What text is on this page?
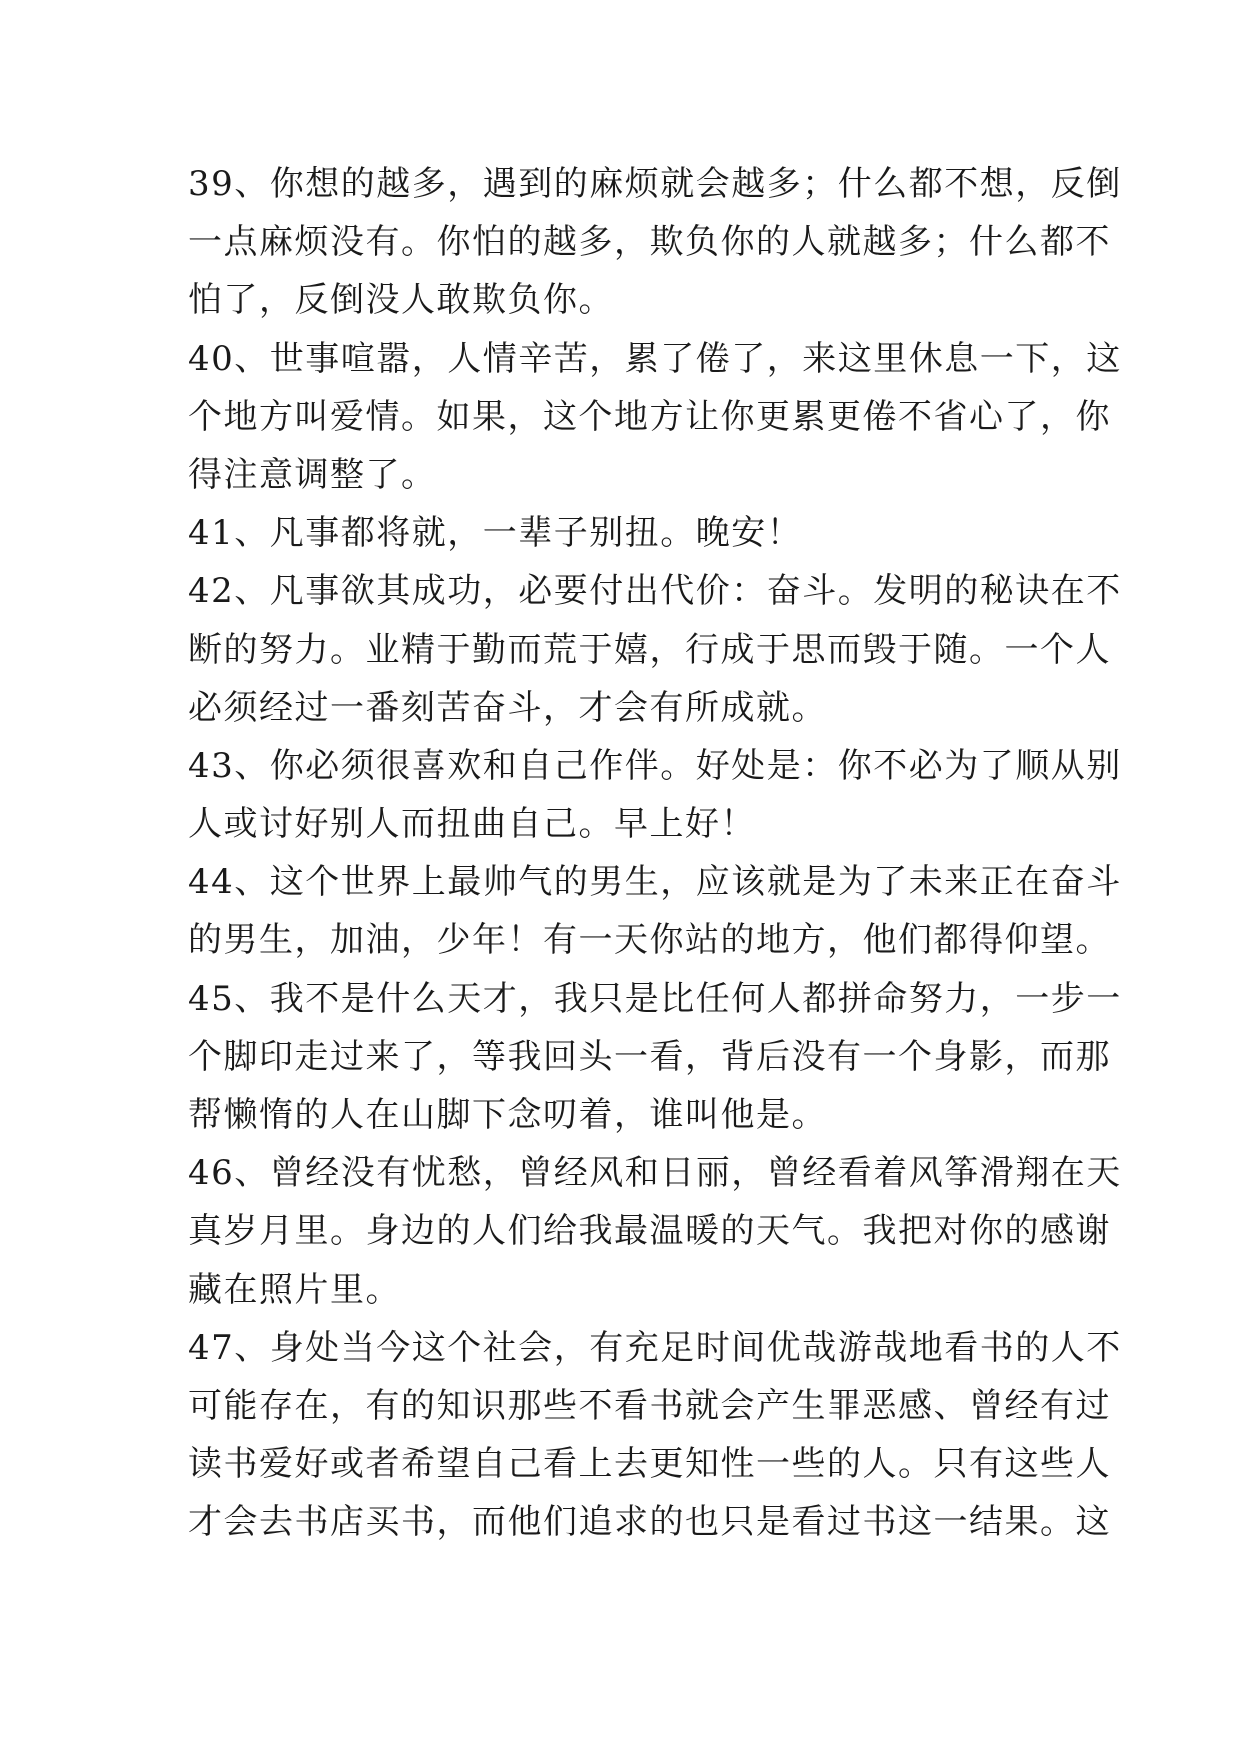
39、你想的越多，遇到的麻烦就会越多；什么都不想，反倒
一点麻烦没有。你怕的越多，欺负你的人就越多；什么都不
怕了，反倒没人敢欺负你。
40、世事喧嚣，人情辛苦，累了倦了，来这里休息一下，这
个地方叫爱情。如果，这个地方让你更累更倦不省心了，你
得注意调整了。
41、凡事都将就，一辈子别扭。晚安！
42、凡事欲其成功，必要付出代价：奋斗。发明的秘诀在不
断的努力。业精于勤而荒于嬉，行成于思而毁于随。一个人
必须经过一番刻苦奋斗，才会有所成就。
43、你必须很喜欢和自己作伴。好处是：你不必为了顺从别
人或讨好别人而扭曲自己。早上好！
44、这个世界上最帅气的男生，应该就是为了未来正在奋斗
的男生，加油，少年！有一天你站的地方，他们都得仰望。
45、我不是什么天才，我只是比任何人都拼命努力，一步一
个脚印走过来了，等我回头一看，背后没有一个身影，而那
帮懒惰的人在山脚下念叨着，谁叫他是。
46、曾经没有忧愁，曾经风和日丽，曾经看着风筝滑翔在天
真岁月里。身边的人们给我最温暖的天气。我把对你的感谢
藏在照片里。
47、身处当今这个社会，有充足时间优哉游哉地看书的人不
可能存在，有的知识那些不看书就会产生罪恶感、曾经有过
读书爱好或者希望自己看上去更知性一些的人。只有这些人
才会去书店买书，而他们追求的也只是看过书这一结果。这
